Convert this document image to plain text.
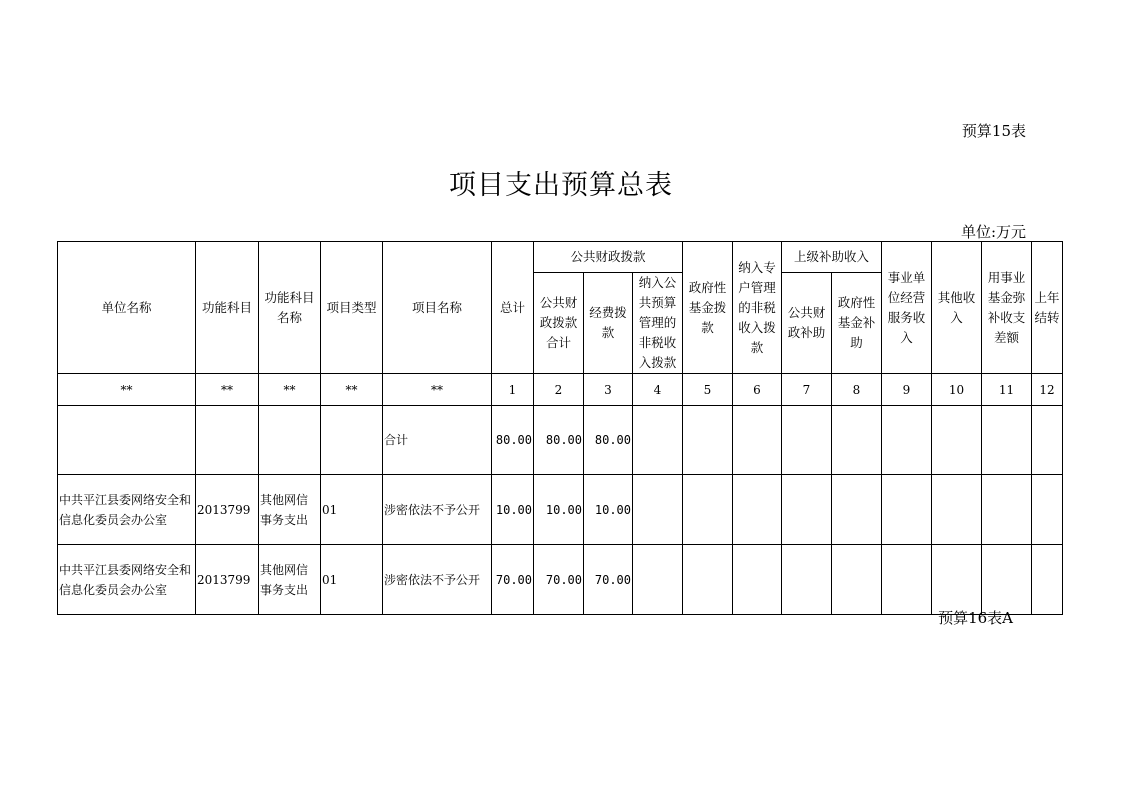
预算15表
项目支出预算总表
单位:万元
单位名称	功能科目	功能科目名称	项目类型	项目名称	总计	公共财政拨款			政府性基金拨款	纳入专户管理的非税收入拨款	上级补助收入		事业单位经营服务收入	其他收入	用事业基金弥补收支差额	上年结转
						公共财政拨款合计	经费拨款	纳入公共预算管理的非税收入拨款			公共财政补助	政府性基金补助				
**	**	**	**	**	1	2	3	4	5	6	7	8	9	10	11	12
				合计	80.00	80.00	80.00									
中共平江县委网络安全和信息化委员会办公室	2013799	其他网信事务支出	01	涉密依法不予公开	10.00	10.00	10.00									
中共平江县委网络安全和信息化委员会办公室	2013799	其他网信事务支出	01	涉密依法不予公开	70.00	70.00	70.00									
预算16表A
